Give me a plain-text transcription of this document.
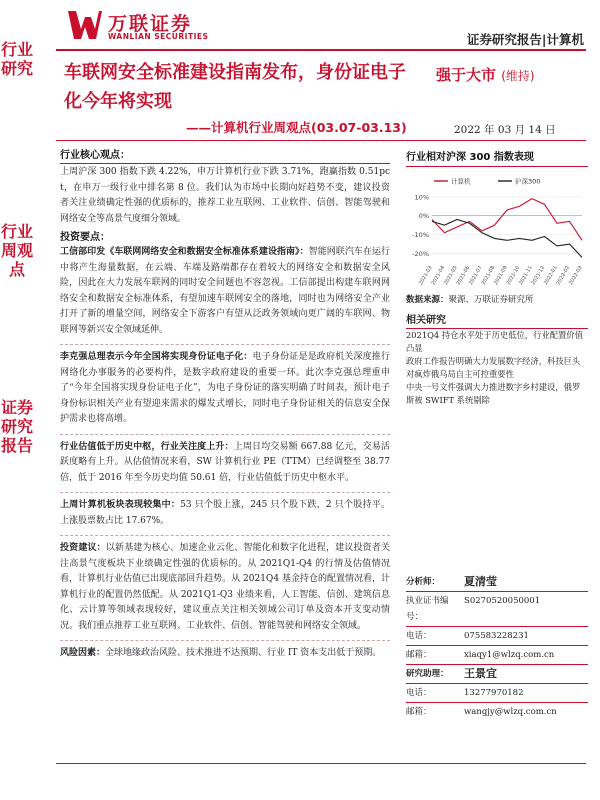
万联证券
WANLIAN SECURITIES	证券研究报告|计算机
行业研究
行业周观点
证券研究报告
车联网安全标准建设指南发布，身份证电子化今年将实现
——计算机行业周观点(03.07-03.13)
强于大市 (维持)
2022 年 03 月 14 日
行业核心观点：
上周沪深 300 指数下跌 4.22%，申万计算机行业下跌 3.71%，跑赢指数 0.51pct，在申万一级行业中排名第 8 位。我们认为市场中长期向好趋势不变，建议投资者关注业绩确定性强的优质标的，推荐工业互联网、工业软件、信创、智能驾驶和网络安全等高景气度细分领域。
投资要点：
工信部印发《车联网网络安全和数据安全标准体系建设指南》：智能网联汽车在运行中将产生海量数据，在云端、车端及路端都存在着较大的网络安全和数据安全风险，因此在大力发展车联网的同时安全问题也不容忽视。工信部提出构建车联网网络安全和数据安全标准体系，有望加速车联网安全的落地，同时也为网络安全产业打开了新的增量空间，网络安全下游客户有望从泛政务领域向更广阔的车联网、物联网等新兴安全领域延伸。
李克强总理表示今年全国将实现身份证电子化：电子身份证是是政府机关深度推行网络化办事服务的必要构件，是数字政府建设的重要一环。此次李克强总理重申了“今年全国将实现身份证电子化”，为电子身份证的落实明确了时间表，预计电子身份标识相关产业有望迎来需求的爆发式增长，同时电子身份证相关的信息安全保护需求也将高增。
行业估值低于历史中枢，行业关注度上升：上周日均交易额 667.88 亿元，交易活跃度略有上升。从估值情况来看，SW 计算机行业 PE（TTM）已经调整至 38.77 倍，低于 2016 年至今历史均值 50.61 倍，行业估值低于历史中枢水平。
上周计算机板块表现较集中：53 只个股上涨，245 只个股下跌，2 只个股持平。上涨股票数占比 17.67%。
投资建议：以新基建为核心、加速企业云化、智能化和数字化进程，建议投资者关注高景气度板块下业绩确定性强的优质标的。从 2021Q1-Q4 的行情及估值情况看，计算机行业估值已出现底部回升趋势。从 2021Q4 基金持仓的配置情况看，计算机行业的配置仍然低配。从 2021Q1-Q3 业绩来看，人工智能、信创、建筑信息化、云计算等领域表现较好，建议重点关注相关领域公司订单及资本开支变动情况。我们重点推荐工业互联网、工业软件、信创、智能驾驶和网络安全领域。
风险因素：全球地缘政治风险、技术推进不达预期、行业 IT 资本支出低于预期。
行业相对沪深 300 指数表现
10%
0%
-10%
-20%
2021-03
2021-04
2021-05
2021-06
2021-07
2021-08
2021-09
2021-10
2021-11
2021-12
2022-01
2022-02
2022-03
计算机	沪深300
数据来源：聚源、万联证券研究所
相关研究
2021Q4 持仓水平处于历史低位，行业配置价值凸显
政府工作报告明确大力发展数字经济，科技巨头对疯炸俄乌局自主可控重要性
中央一号文件强调大力推进数字乡村建设，俄罗斯被 SWIFT 系统剔除
分析师：	夏清莹
执业证书编号：
S0270520050001
电话：	075583228231
邮箱：	xiaqy1@wlzq.com.cn
研究助理：	王景宜
电话：	13277970182
邮箱：	wangjy@wlzq.com.cn
